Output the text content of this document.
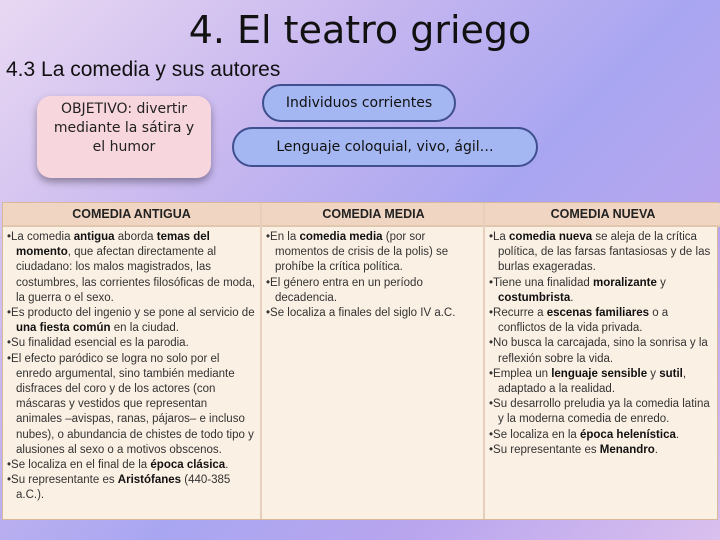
4. El teatro griego
4.3 La comedia y sus autores
OBJETIVO: divertir
mediante la sátira y
el humor
Individuos corrientes
Lenguaje coloquial, vivo, ágil…
COMEDIA ANTIGUA
• La comedia antigua aborda temas del momento, que afectan directamente al ciudadano: los malos magistrados, las costumbres, las corrientes filosóficas de moda, la guerra o el sexo.
• Es producto del ingenio y se pone al servicio de una fiesta común en la ciudad.
• Su finalidad esencial es la parodia.
• El efecto paródico se logra no solo por el enredo argumental, sino también mediante disfraces del coro y de los actores (con máscaras y vestidos que representan animales –avispas, ranas, pájaros– e incluso nubes), o abundancia de chistes de todo tipo y alusiones al sexo o a motivos obscenos.
• Se localiza en el final de la época clásica.
• Su representante es Aristófanes (440-385 a.C.).
COMEDIA MEDIA
• En la comedia media (por sor momentos de crisis de la polis) se prohíbe la crítica política.
• El género entra en un período decadencia.
• Se localiza a finales del siglo IV a.C.
COMEDIA NUEVA
• La comedia nueva se aleja de la crítica política, de las farsas fantasiosas y de las burlas exageradas.
• Tiene una finalidad moralizante y costumbrista.
• Recurre a escenas familiares o a conflictos de la vida privada.
• No busca la carcajada, sino la sonrisa y la reflexión sobre la vida.
• Emplea un lenguaje sensible y sutil, adaptado a la realidad.
• Su desarrollo preludia ya la comedia latina y la moderna comedia de enredo.
• Se localiza en la época helenística.
• Su representante es Menandro.
